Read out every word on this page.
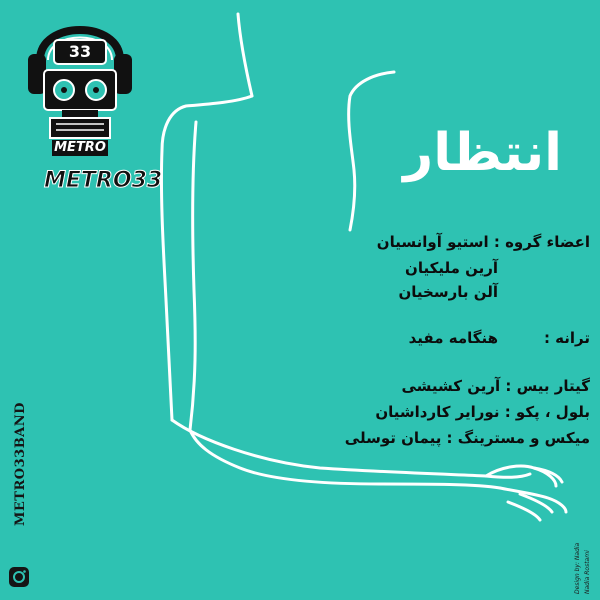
33
METRO
METRO33	انتظار
اعضاء گروه : استیو آوانسیان
آرین ملیکیان
آلن بارسخیان
ترانه :
هنگامه مفید
گیتار بیس : آرین کشیشی
بلول ، پکو : نورایر کارداشیان
میکس و مسترینگ : پیمان توسلی
METRO33BAND
Design by: Nadia Nadia Rostami
